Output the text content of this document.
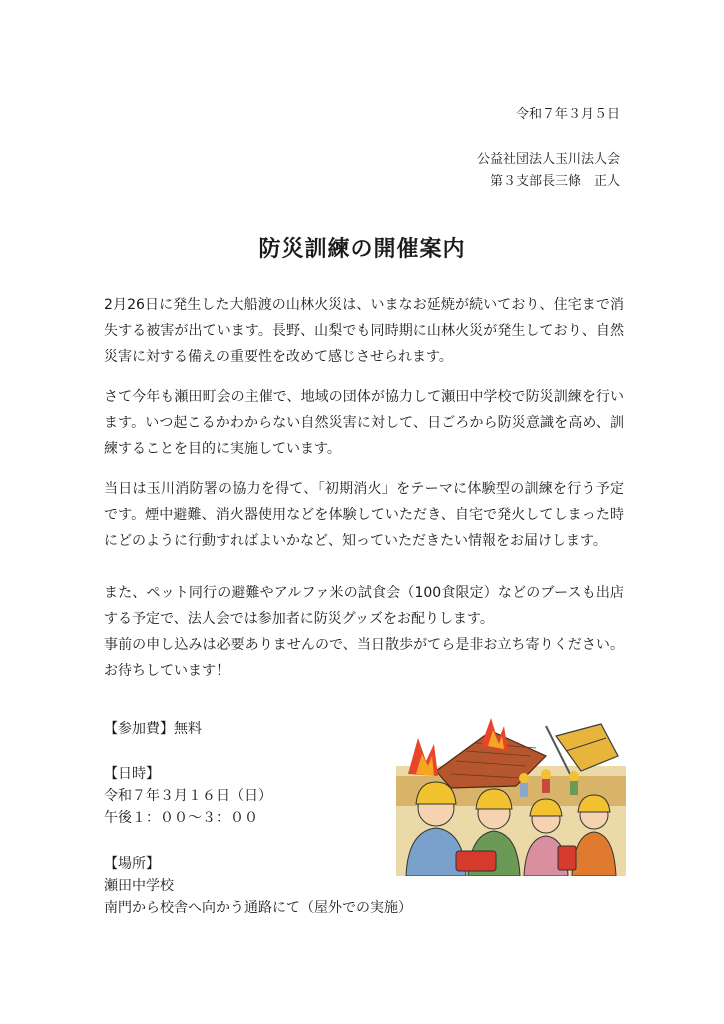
令和７年３月５日
公益社団法人玉川法人会
第３支部長三條　正人
防災訓練の開催案内
2月26日に発生した大船渡の山林火災は、いまなお延焼が続いており、住宅まで消失する被害が出ています。長野、山梨でも同時期に山林火災が発生しており、自然災害に対する備えの重要性を改めて感じさせられます。
さて今年も瀬田町会の主催で、地域の団体が協力して瀬田中学校で防災訓練を行います。いつ起こるかわからない自然災害に対して、日ごろから防災意識を高め、訓練することを目的に実施しています。
当日は玉川消防署の協力を得て、「初期消火」をテーマに体験型の訓練を行う予定です。煙中避難、消火器使用などを体験していただき、自宅で発火してしまった時にどのように行動すればよいかなど、知っていただきたい情報をお届けします。
また、ペット同行の避難やアルファ米の試食会（100食限定）などのブースも出店する予定で、法人会では参加者に防災グッズをお配りします。
事前の申し込みは必要ありませんので、当日散歩がてら是非お立ち寄りください。お待ちしています！
【参加費】無料
【日時】
令和７年３月１６日（日）
午後１：００～３：００
【場所】
瀬田中学校
南門から校舎へ向かう通路にて（屋外での実施）
